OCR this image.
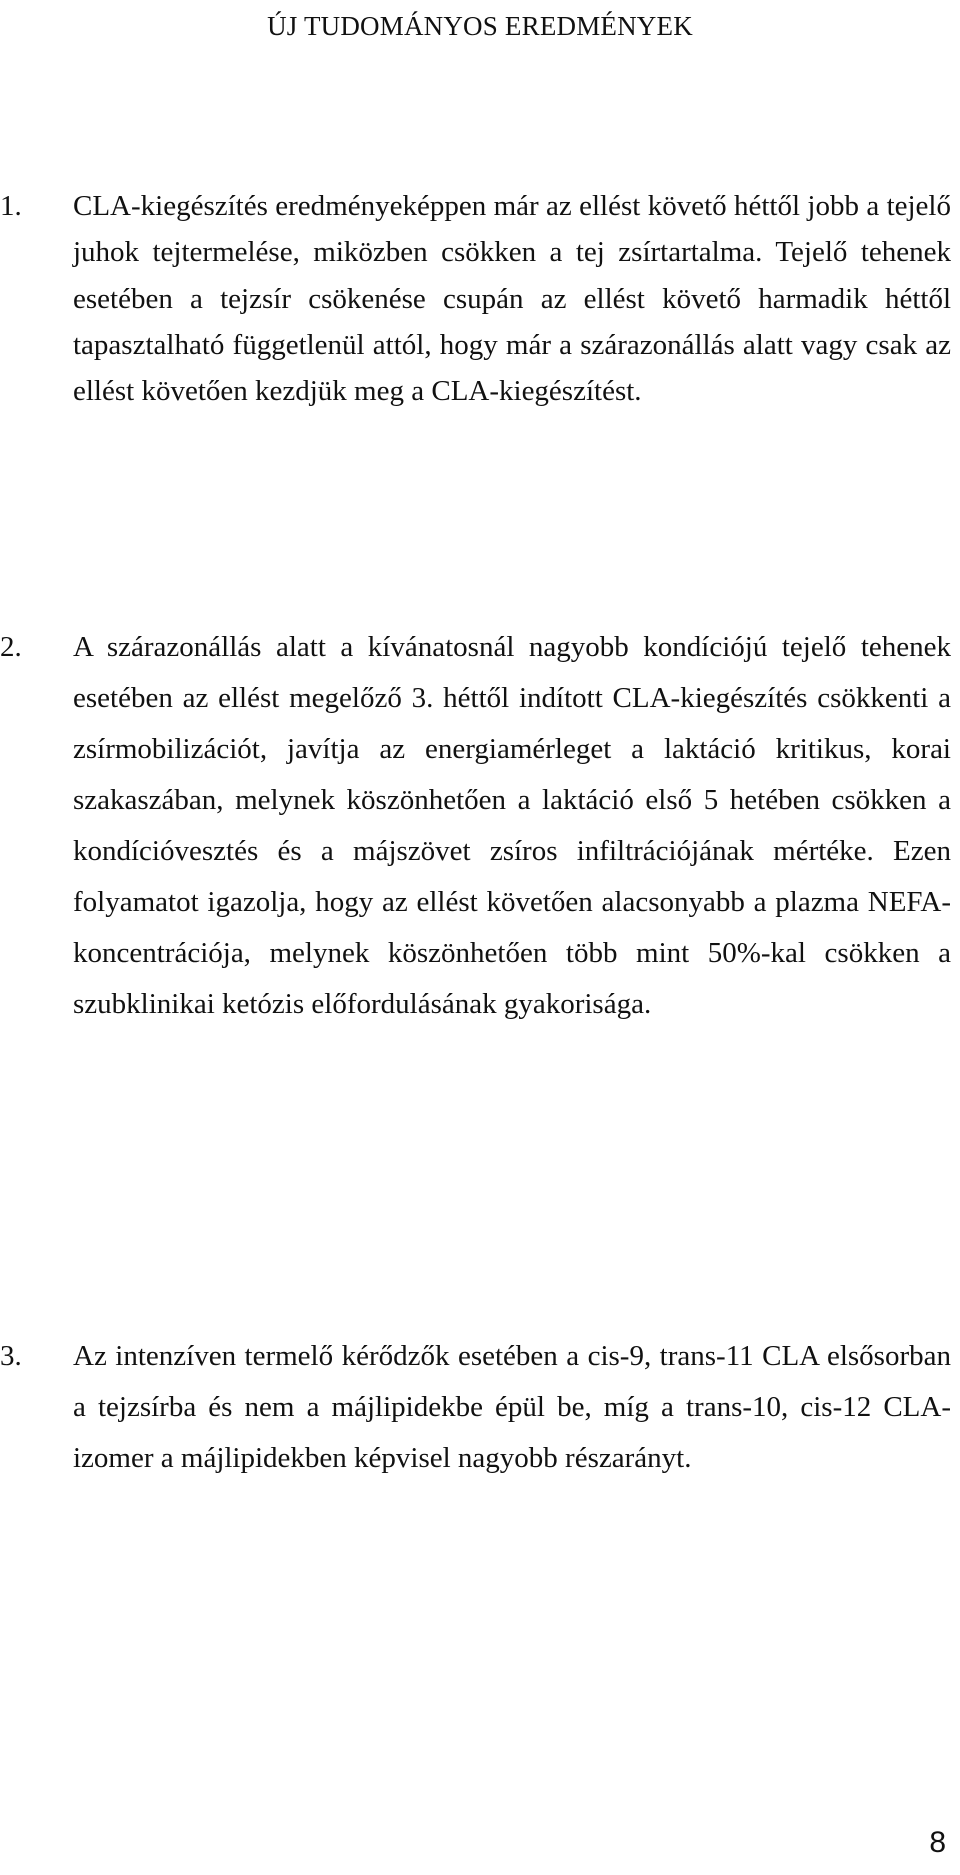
ÚJ TUDOMÁNYOS EREDMÉNYEK
1.	CLA-kiegészítés eredményeképpen már az ellést követő héttől jobb a tejelő juhok tejtermelése, miközben csökken a tej zsírtartalma. Tejelő tehenek esetében a tejzsír csökenése csupán az ellést követő harmadik héttől tapasztalható függetlenül attól, hogy már a szárazonállás alatt vagy csak az ellést követően kezdjük meg a CLA-kiegészítést.
2.	A szárazonállás alatt a kívánatosnál nagyobb kondíciójú tejelő tehenek esetében az ellést megelőző 3. héttől indított CLA-kiegészítés csökkenti a zsírmobilizációt, javítja az energiamérleget a laktáció kritikus, korai szakaszában, melynek köszönhetően a laktáció első 5 hetében csökken a kondícióvesztés és a májszövet zsíros infiltrációjának mértéke. Ezen folyamatot igazolja, hogy az ellést követően alacsonyabb a plazma NEFA-koncentrációja, melynek köszönhetően több mint 50%-kal csökken a szubklinikai ketózis előfordulásának gyakorisága.
3.	Az intenzíven termelő kérődzők esetében a cis-9, trans-11 CLA elsősorban a tejzsírba és nem a májlipidekbe épül be, míg a trans-10, cis-12 CLA-izomer a májlipidekben képvisel nagyobb részarányt.
8
